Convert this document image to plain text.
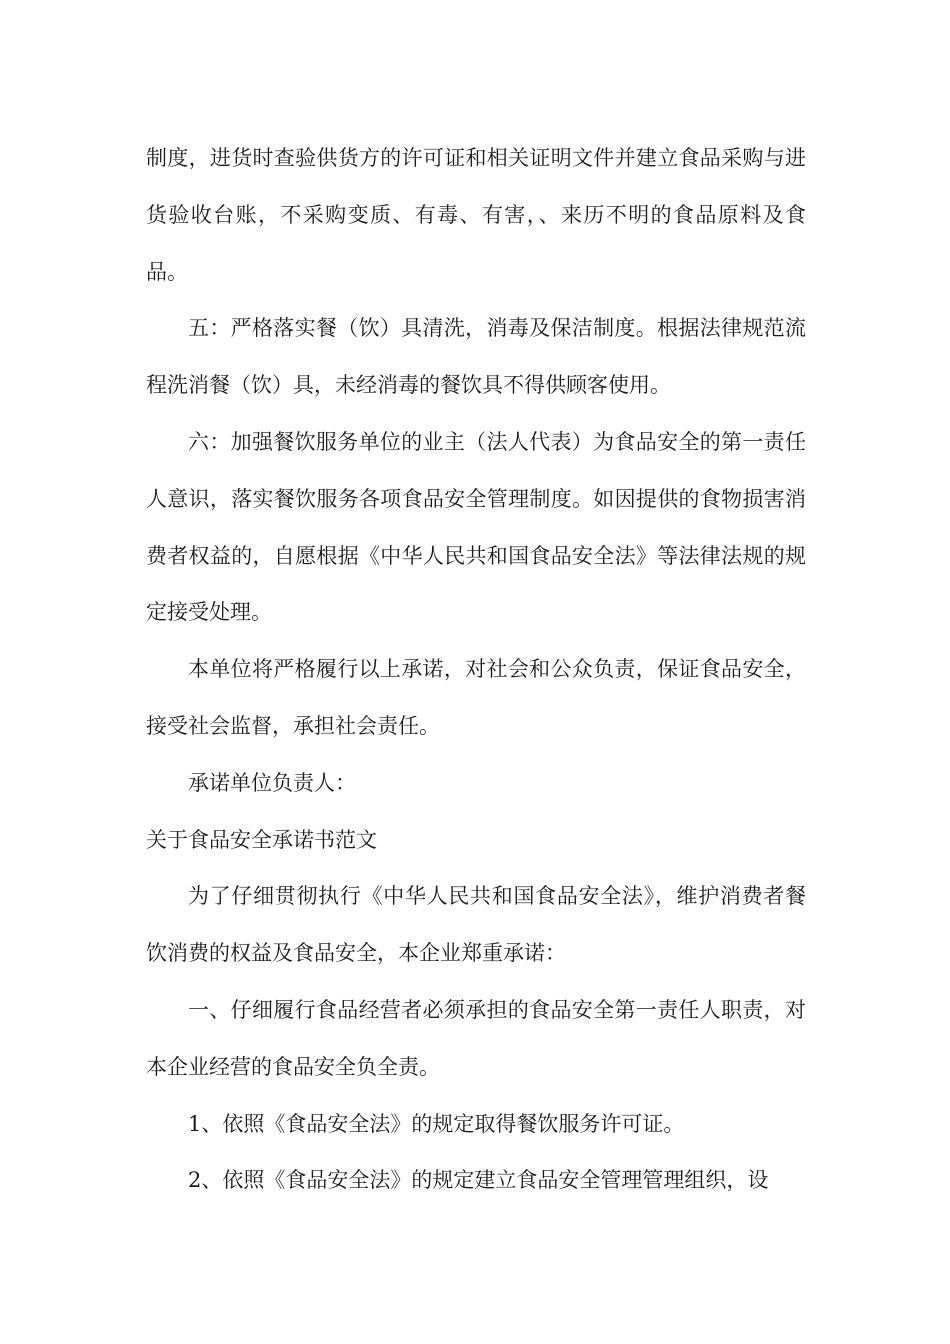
制度，进货时查验供货方的许可证和相关证明文件并建立食品采购与进货验收台账，不采购变质、有毒、有害，、来历不明的食品原料及食品。

五：严格落实餐（饮）具清洗，消毒及保洁制度。根据法律规范流程洗消餐（饮）具，未经消毒的餐饮具不得供顾客使用。

六：加强餐饮服务单位的业主（法人代表）为食品安全的第一责任人意识，落实餐饮服务各项食品安全管理制度。如因提供的食物损害消费者权益的，自愿根据《中华人民共和国食品安全法》等法律法规的规定接受处理。

本单位将严格履行以上承诺，对社会和公众负责，保证食品安全，接受社会监督，承担社会责任。

承诺单位负责人：

关于食品安全承诺书范文

为了仔细贯彻执行《中华人民共和国食品安全法》，维护消费者餐饮消费的权益及食品安全，本企业郑重承诺：

一、仔细履行食品经营者必须承担的食品安全第一责任人职责，对本企业经营的食品安全负全责。

1、依照《食品安全法》的规定取得餐饮服务许可证。

2、依照《食品安全法》的规定建立食品安全管理管理组织，设
